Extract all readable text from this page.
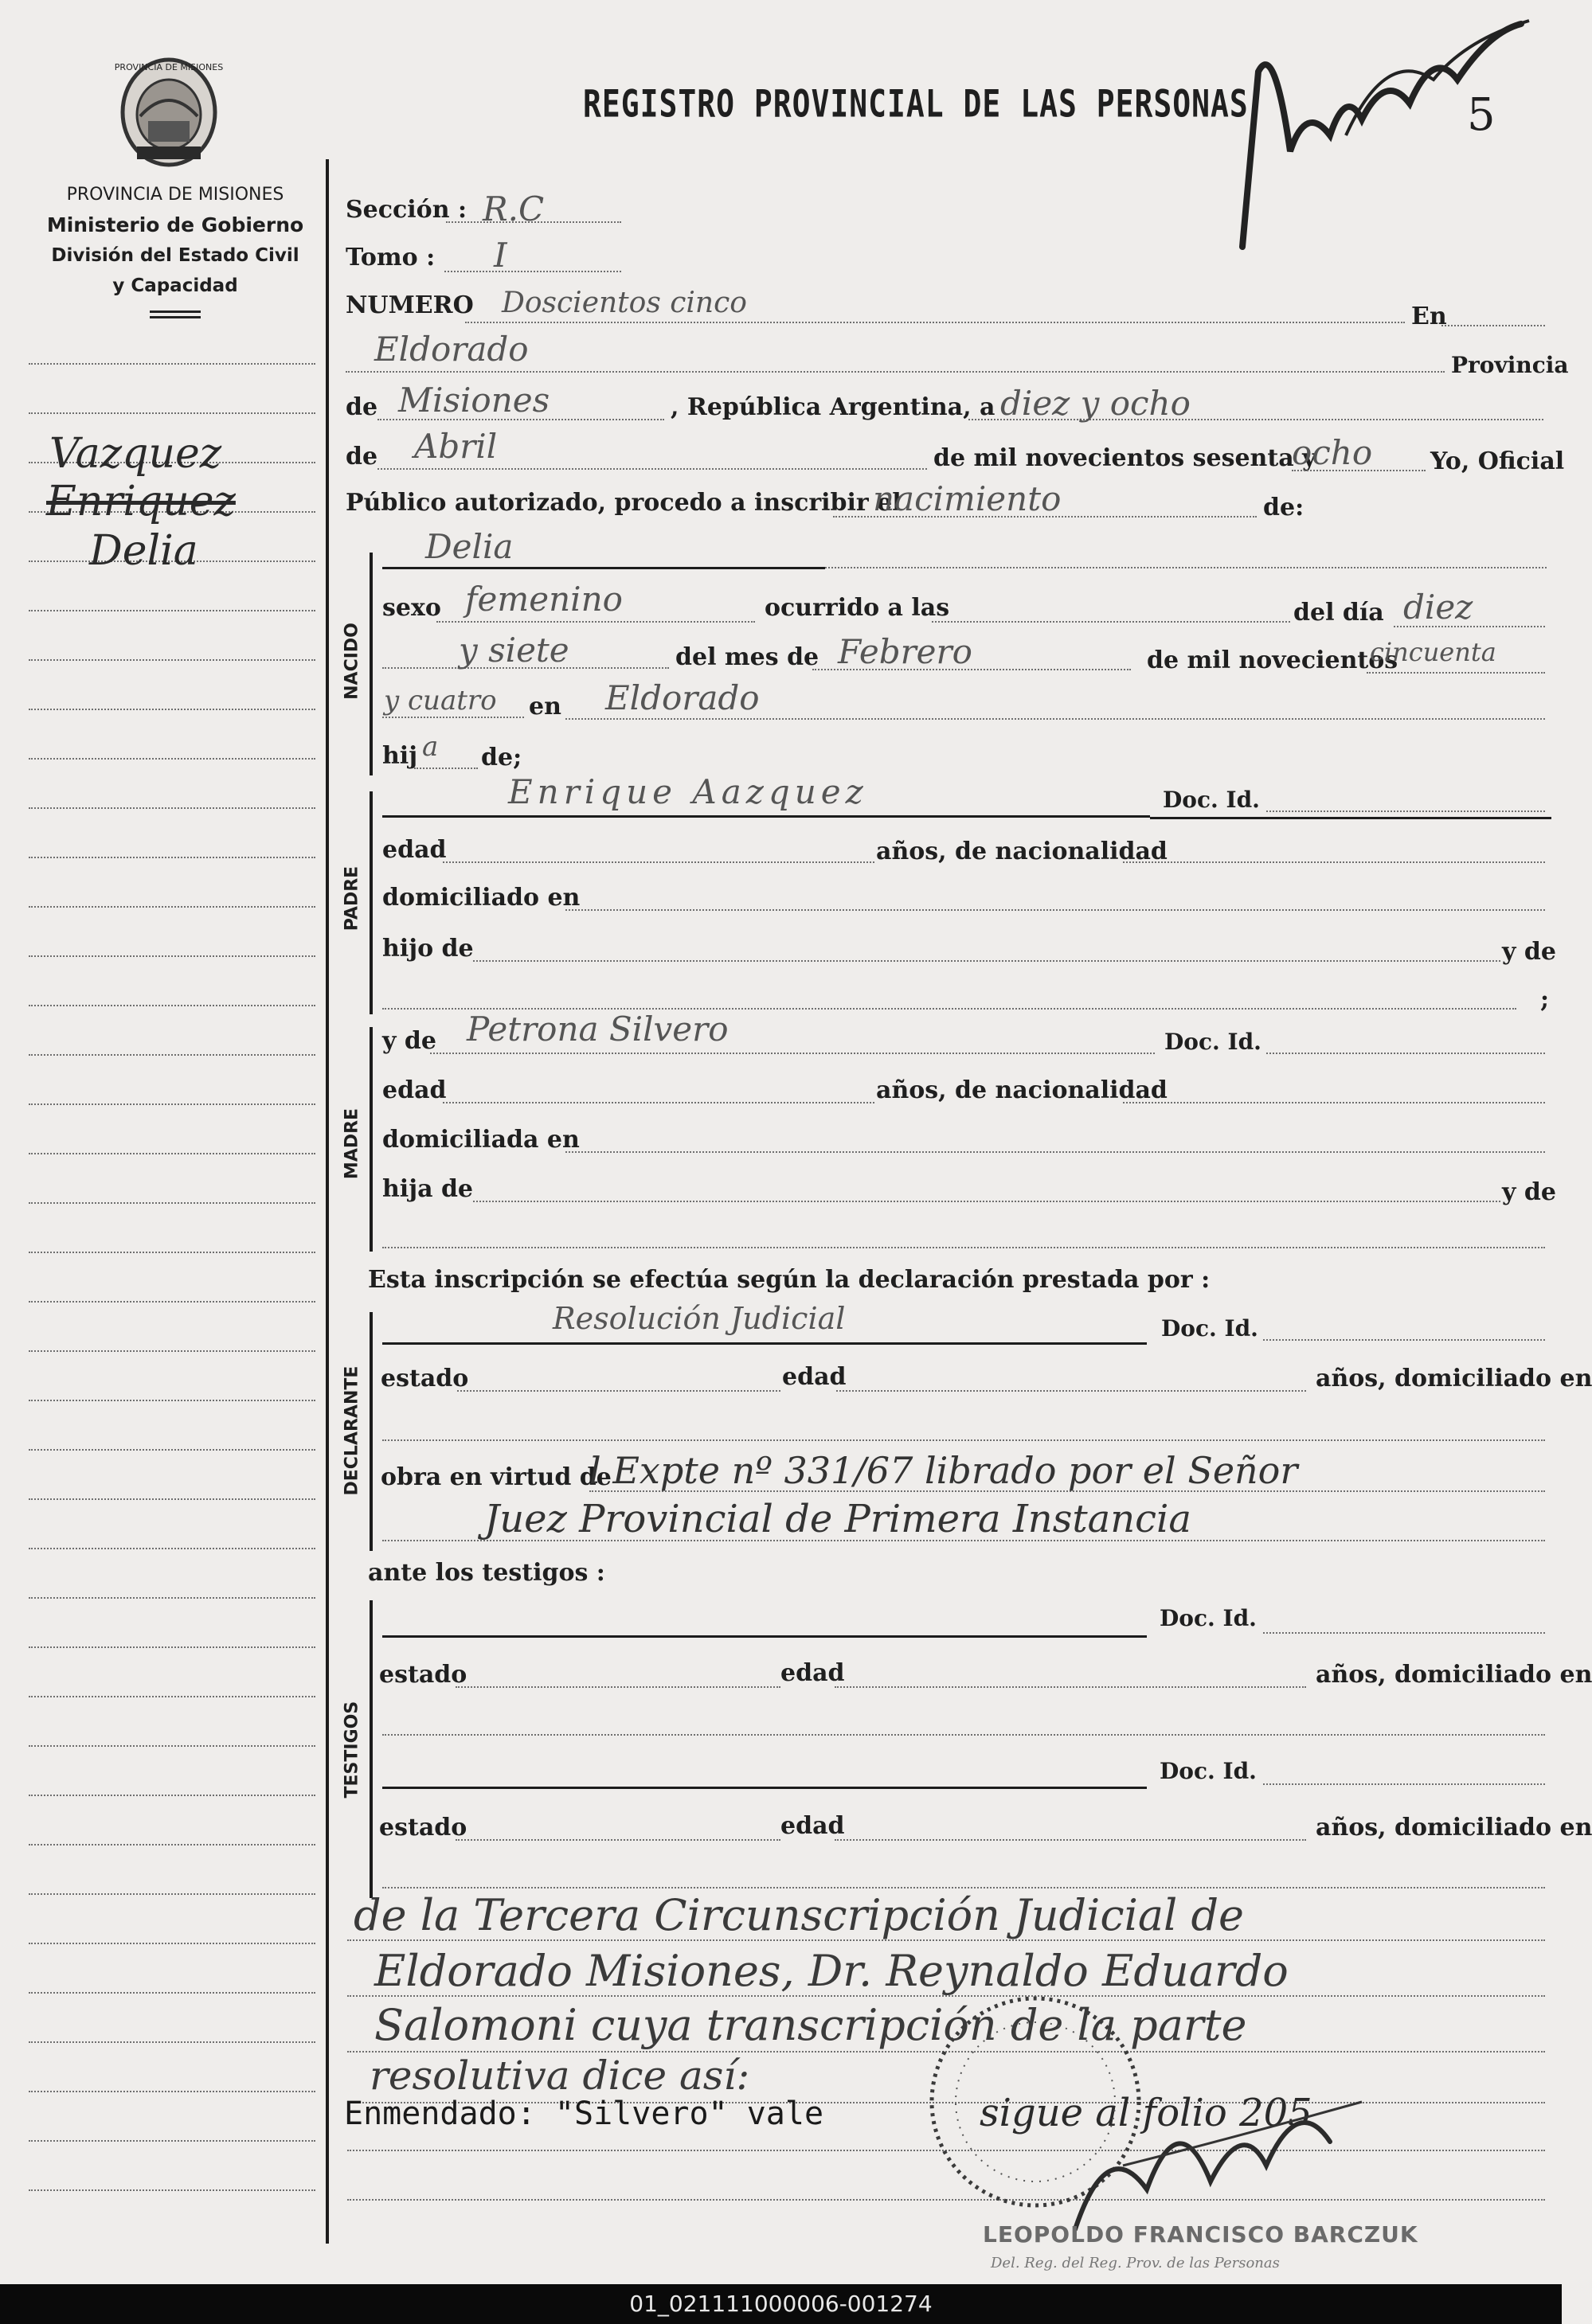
PROVINCIA DE MISIONES
PROVINCIA DE MISIONES
Ministerio de Gobierno
División del Estado Civil
y Capacidad
Vazquez
Enriquez
Delia
REGISTRO PROVINCIAL DE LAS PERSONAS	5
Sección : R.C
Tomo : I
NUMERO Doscientos cinco	En
Eldorado	Provincia
de Misiones	, República Argentina, a diez y ocho
de Abril	de mil novecientos sesenta y
ocho Yo, Oficial
Público autorizado, procedo a inscribir el
nacimiento	de:
NACIDO
Delia
sexo femenino	ocurrido a las	del día diez
y siete	del mes de Febrero	de mil novecientos
cincuenta
y cuatro en Eldorado
hij a de;
PADRE
Enrique Aazquez	Doc. Id.
edad	años, de nacionalidad
domiciliado en
hijo de	y de
;
MADRE
y de Petrona Silvero	Doc. Id.
edad	años, de nacionalidad
domiciliada en
hija de	y de
Esta inscripción se efectúa según la declaración prestada por :
DECLARANTE
Resolución Judicial	Doc. Id.
estado	edad	años, domiciliado en
obra en virtud de
l Expte nº 331/67 librado por el Señor
Juez Provincial de Primera Instancia
ante los testigos :
TESTIGOS
Doc. Id.
estado	edad	años, domiciliado en
Doc. Id.
estado	edad	años, domiciliado en
de la Tercera Circunscripción Judicial de
Eldorado Misiones, Dr. Reynaldo Eduardo
Salomoni cuya transcripción de la parte
resolutiva dice así:
Enmendado: "Silvero" vale	sigue al folio 205
LEOPOLDO FRANCISCO BARCZUK
Del. Reg. del Reg. Prov. de las Personas
01_021111000006-001274
